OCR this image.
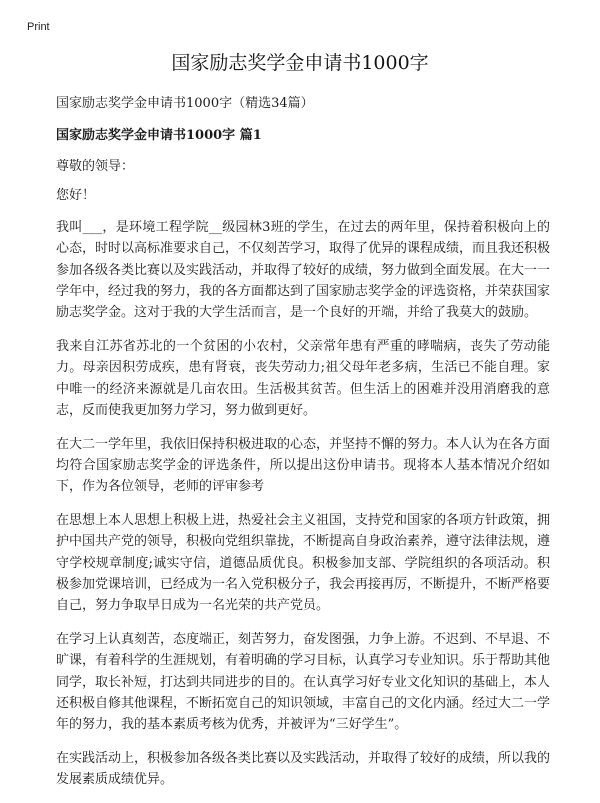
Print
国家励志奖学金申请书1000字

国家励志奖学金申请书1000字（精选34篇）

国家励志奖学金申请书1000字 篇1

尊敬的领导：

您好！

我叫___，是环境工程学院__级园林3班的学生，在过去的两年里，保持着积极向上的心态，时时以高标准要求自己，不仅刻苦学习，取得了优异的课程成绩，而且我还积极参加各级各类比赛以及实践活动，并取得了较好的成绩，努力做到全面发展。在大一一学年中，经过我的努力，我的各方面都达到了国家励志奖学金的评选资格，并荣获国家励志奖学金。这对于我的大学生活而言，是一个良好的开端，并给了我莫大的鼓励。

我来自江苏省苏北的一个贫困的小农村，父亲常年患有严重的哮喘病，丧失了劳动能力。母亲因积劳成疾，患有肾衰，丧失劳动力;祖父母年老多病，生活已不能自理。家中唯一的经济来源就是几亩农田。生活极其贫苦。但生活上的困难并没用消磨我的意志，反而使我更加努力学习，努力做到更好。

在大二一学年里，我依旧保持积极进取的心态，并坚持不懈的努力。本人认为在各方面均符合国家励志奖学金的评选条件，所以提出这份申请书。现将本人基本情况介绍如下，作为各位领导，老师的评审参考

在思想上本人思想上积极上进，热爱社会主义祖国，支持党和国家的各项方针政策，拥护中国共产党的领导，积极向党组织靠拢，不断提高自身政治素养，遵守法律法规，遵守学校规章制度;诚实守信，道德品质优良。积极参加支部、学院组织的各项活动。积极参加党课培训，已经成为一名入党积极分子，我会再接再厉，不断提升，不断严格要自己，努力争取早日成为一名光荣的共产党员。

在学习上认真刻苦，态度端正，刻苦努力，奋发图强，力争上游。不迟到、不早退、不旷课，有着科学的生涯规划，有着明确的学习目标，认真学习专业知识。乐于帮助其他同学，取长补短，打达到共同进步的目的。在认真学习好专业文化知识的基础上，本人还积极自修其他课程，不断拓宽自己的知识领域，丰富自己的文化内涵。经过大二一学年的努力，我的基本素质考核为优秀，并被评为“三好学生”。

在实践活动上，积极参加各级各类比赛以及实践活动，并取得了较好的成绩，所以我的发展素质成绩优异。
